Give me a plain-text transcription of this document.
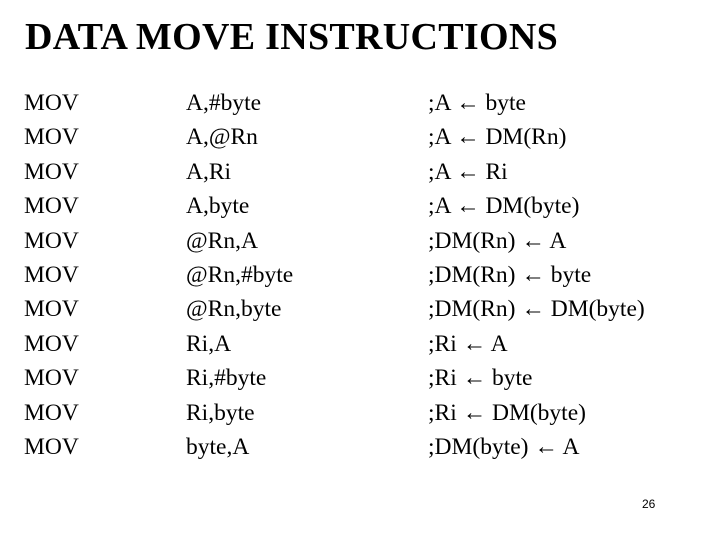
DATA MOVE INSTRUCTIONS
MOV	A,#byte	;A ← byte
MOV	A,@Rn	;A ← DM(Rn)
MOV	A,Ri	;A ← Ri
MOV	A,byte	;A ← DM(byte)
MOV	@Rn,A	;DM(Rn) ← A
MOV	@Rn,#byte	;DM(Rn) ← byte
MOV	@Rn,byte	;DM(Rn) ← DM(byte)
MOV	Ri,A	;Ri ← A
MOV	Ri,#byte	;Ri ← byte
MOV	Ri,byte	;Ri ← DM(byte)
MOV	byte,A	;DM(byte) ← A
26
